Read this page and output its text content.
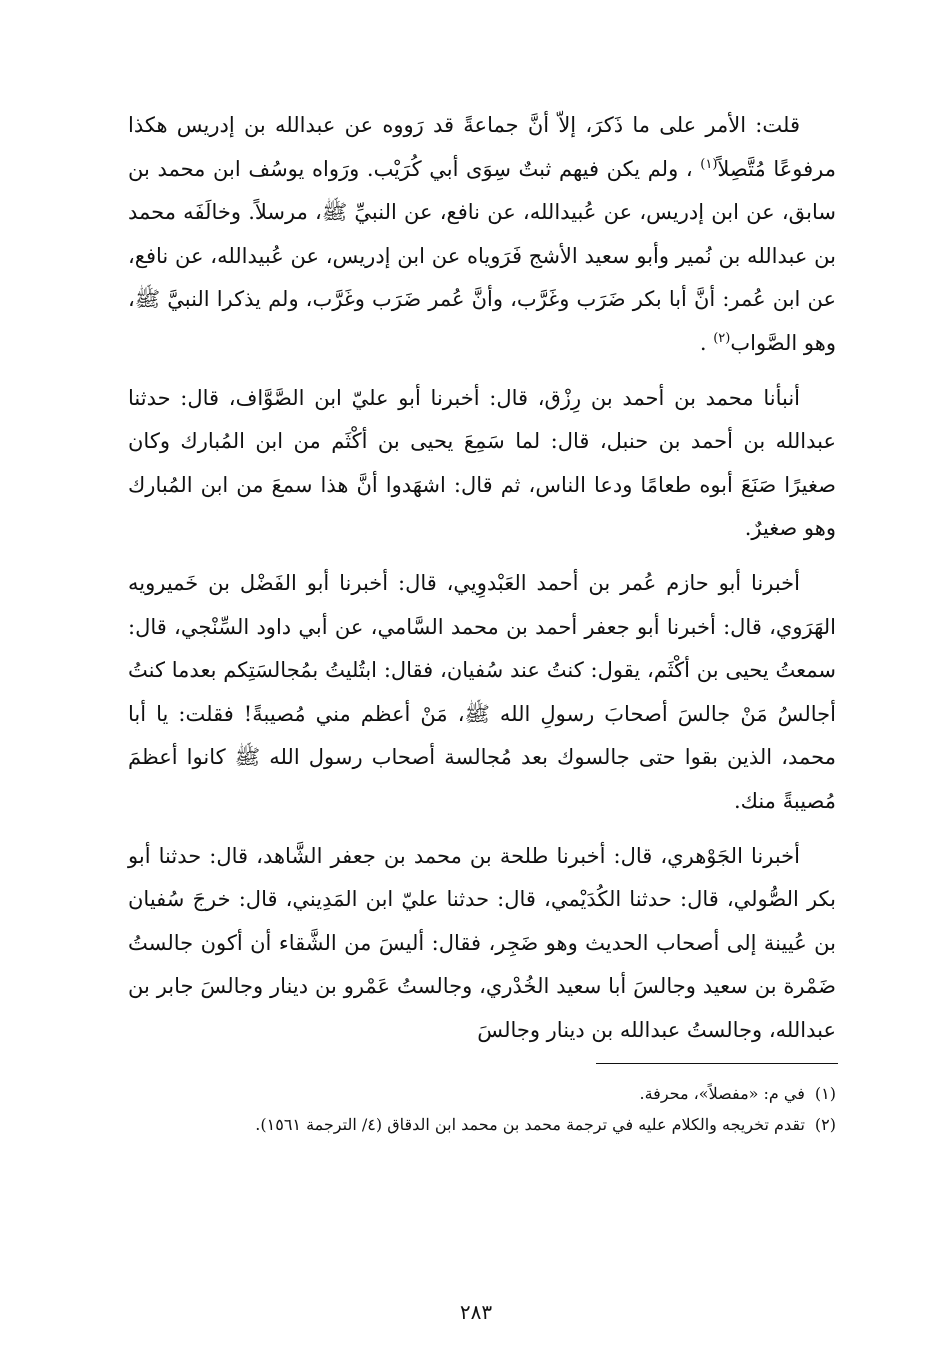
قلت: الأمر على ما ذَكرَ، إلاّ أنَّ جماعةً قد رَووه عن عبدالله بن إدريس هكذا مرفوعًا مُتَّصِلاً$^{(١)}$ ، ولم يكن فيهم ثبتٌ سِوَى أبي كُرَيْب. ورَواه يوسُف ابن محمد بن سابق، عن ابن إدريس، عن عُبيدالله، عن نافع، عن النبيِّ ﷺ، مرسلاً. وخالَفَه محمد بن عبدالله بن نُمير وأبو سعيد الأشج فَرَوياه عن ابن إدريس، عن عُبيدالله، عن نافع، عن ابن عُمر: أنَّ أبا بكر ضَرَب وغَرَّب، وأنَّ عُمر ضَرَب وغَرَّب، ولم يذكرا النبيَّ ﷺ، وهو الصَّواب$^{(٢)}$ .

أنبأنا محمد بن أحمد بن رِزْق، قال: أخبرنا أبو عليّ ابن الصَّوَّاف، قال: حدثنا عبدالله بن أحمد بن حنبل، قال: لما سَمِعَ يحيى بن أكْثَم من ابن المُبارك وكان صغيرًا صَنَعَ أبوه طعامًا ودعا الناس، ثم قال: اشهَدوا أنَّ هذا سمعَ من ابن المُبارك وهو صغيرٌ.

أخبرنا أبو حازم عُمر بن أحمد العَبْدوِيي، قال: أخبرنا أبو الفَضْل بن خَميرويه الهَرَوي، قال: أخبرنا أبو جعفر أحمد بن محمد السَّامي، عن أبي داود السِّنْجي، قال: سمعتُ يحيى بن أكْثَم، يقول: كنتُ عند سُفيان، فقال: ابتُليتُ بمُجالسَتِكم بعدما كنتُ أجالسُ مَنْ جالسَ أصحابَ رسولِ الله ﷺ، مَنْ أعظم مني مُصيبةً! فقلت: يا أبا محمد، الذين بقوا حتى جالسوك بعد مُجالسة أصحاب رسول الله ﷺ كانوا أعظمَ مُصيبةً منك.

أخبرنا الجَوْهري، قال: أخبرنا طلحة بن محمد بن جعفر الشَّاهد، قال: حدثنا أبو بكر الصُّولي، قال: حدثنا الكُدَيْمي، قال: حدثنا عليّ ابن المَدِيني، قال: خرجَ سُفيان بن عُيينة إلى أصحاب الحديث وهو ضَجِر، فقال: أليسَ من الشَّقاء أن أكون جالستُ ضَمْرة بن سعيد وجالسَ أبا سعيد الخُدْري، وجالستُ عَمْرو بن دينار وجالسَ جابر بن عبدالله، وجالستُ عبدالله بن دينار وجالسَ

(١)
في م: «مفصلاً»، محرفة.
(٢)
تقدم تخريجه والكلام عليه في ترجمة محمد بن محمد ابن الدقاق (٤/ الترجمة ١٥٦١).
٢٨٣
